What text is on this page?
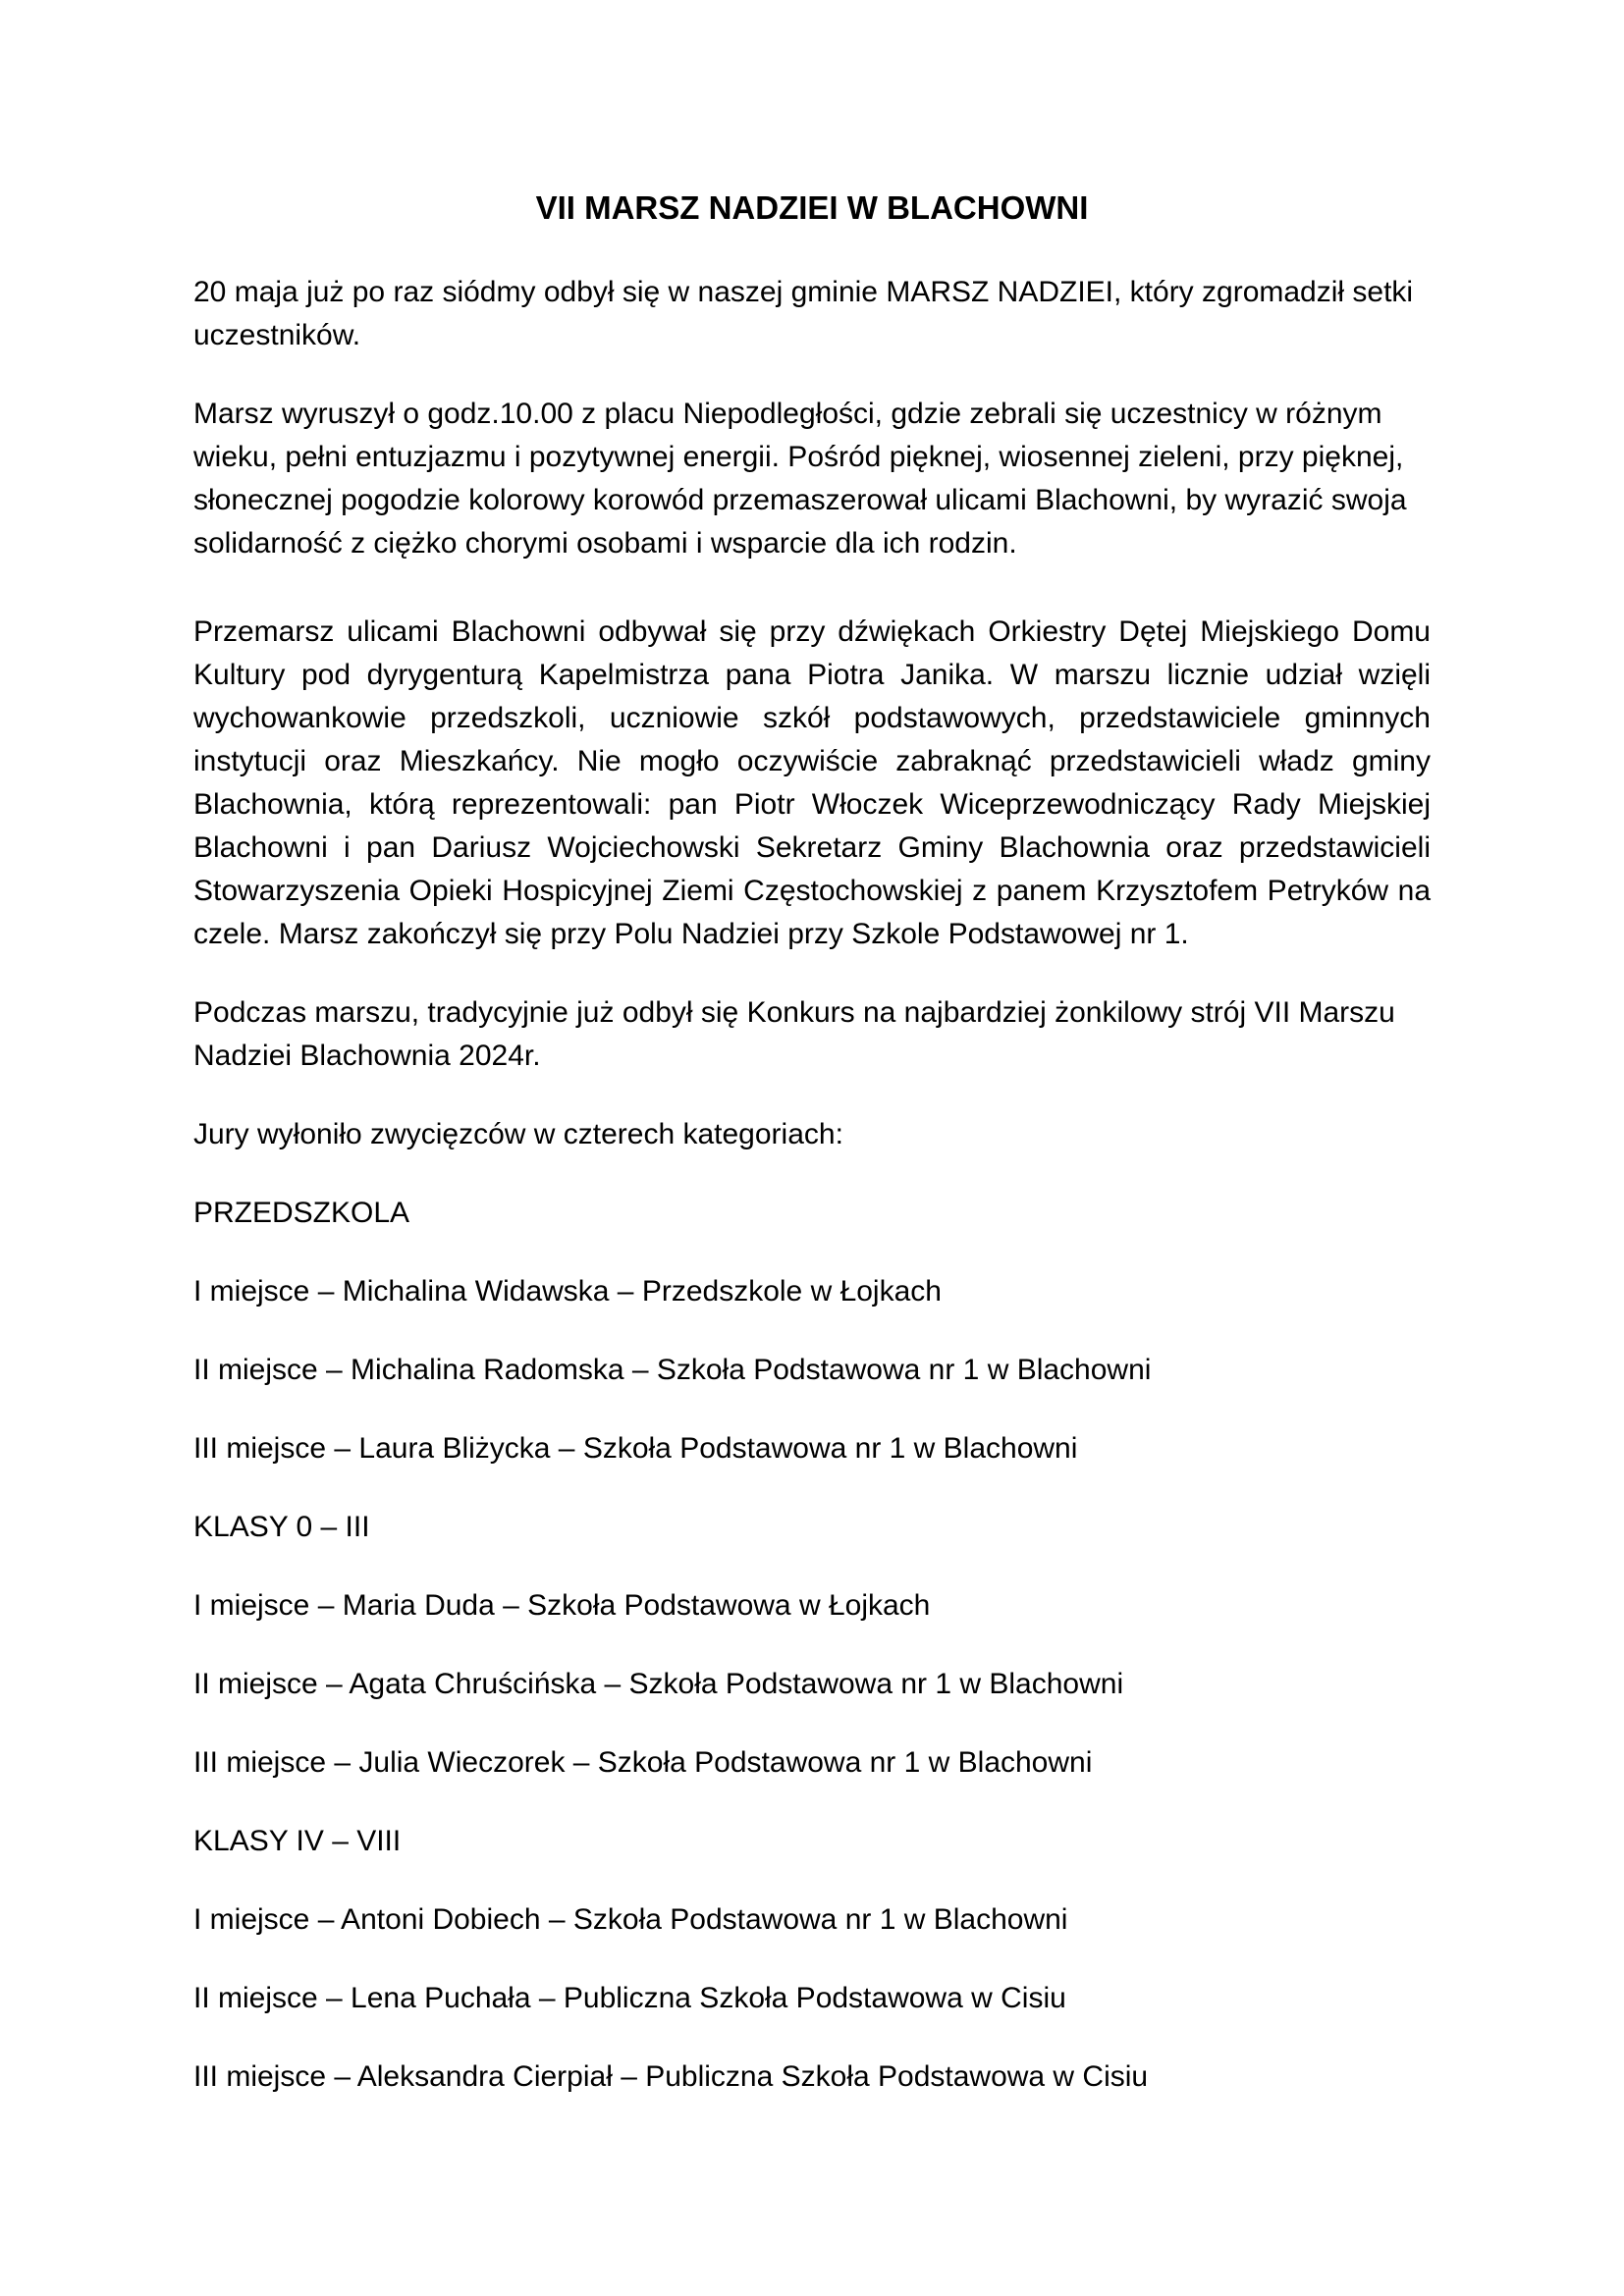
VII MARSZ NADZIEI W BLACHOWNI

20 maja już po raz siódmy odbył się w naszej gminie MARSZ NADZIEI, który zgromadził setki uczestników.

Marsz wyruszył o godz.10.00 z placu Niepodległości, gdzie zebrali się uczestnicy w różnym wieku, pełni entuzjazmu i pozytywnej energii. Pośród pięknej, wiosennej zieleni, przy pięknej, słonecznej pogodzie kolorowy korowód przemaszerował ulicami Blachowni, by wyrazić swoja solidarność z ciężko chorymi osobami i wsparcie dla ich rodzin.

Przemarsz ulicami Blachowni odbywał się przy dźwiękach Orkiestry Dętej Miejskiego Domu Kultury pod dyrygenturą Kapelmistrza pana Piotra Janika. W marszu licznie udział wzięli wychowankowie przedszkoli, uczniowie szkół podstawowych, przedstawiciele gminnych instytucji oraz Mieszkańcy. Nie mogło oczywiście zabraknąć przedstawicieli władz gminy Blachownia, którą reprezentowali: pan Piotr Włoczek Wiceprzewodniczący Rady Miejskiej Blachowni i pan Dariusz Wojciechowski Sekretarz Gminy Blachownia oraz przedstawicieli Stowarzyszenia Opieki Hospicyjnej Ziemi Częstochowskiej z panem Krzysztofem Petryków na czele. Marsz zakończył się przy Polu Nadziei przy Szkole Podstawowej nr 1.

Podczas marszu, tradycyjnie już odbył się Konkurs na najbardziej żonkilowy strój VII Marszu Nadziei Blachownia 2024r.

Jury wyłoniło zwycięzców w czterech kategoriach:

PRZEDSZKOLA

I miejsce – Michalina Widawska – Przedszkole w Łojkach

II miejsce – Michalina Radomska – Szkoła Podstawowa nr 1 w Blachowni

III miejsce – Laura Bliżycka – Szkoła Podstawowa nr 1 w Blachowni

KLASY 0 – III

I miejsce – Maria Duda – Szkoła Podstawowa w Łojkach

II miejsce – Agata Chruścińska – Szkoła Podstawowa nr 1 w Blachowni

III miejsce – Julia Wieczorek – Szkoła Podstawowa nr 1 w Blachowni

KLASY IV – VIII

I miejsce – Antoni Dobiech – Szkoła Podstawowa nr 1 w Blachowni

II miejsce – Lena Puchała – Publiczna Szkoła Podstawowa w Cisiu

III miejsce – Aleksandra Cierpiał – Publiczna Szkoła Podstawowa w Cisiu
